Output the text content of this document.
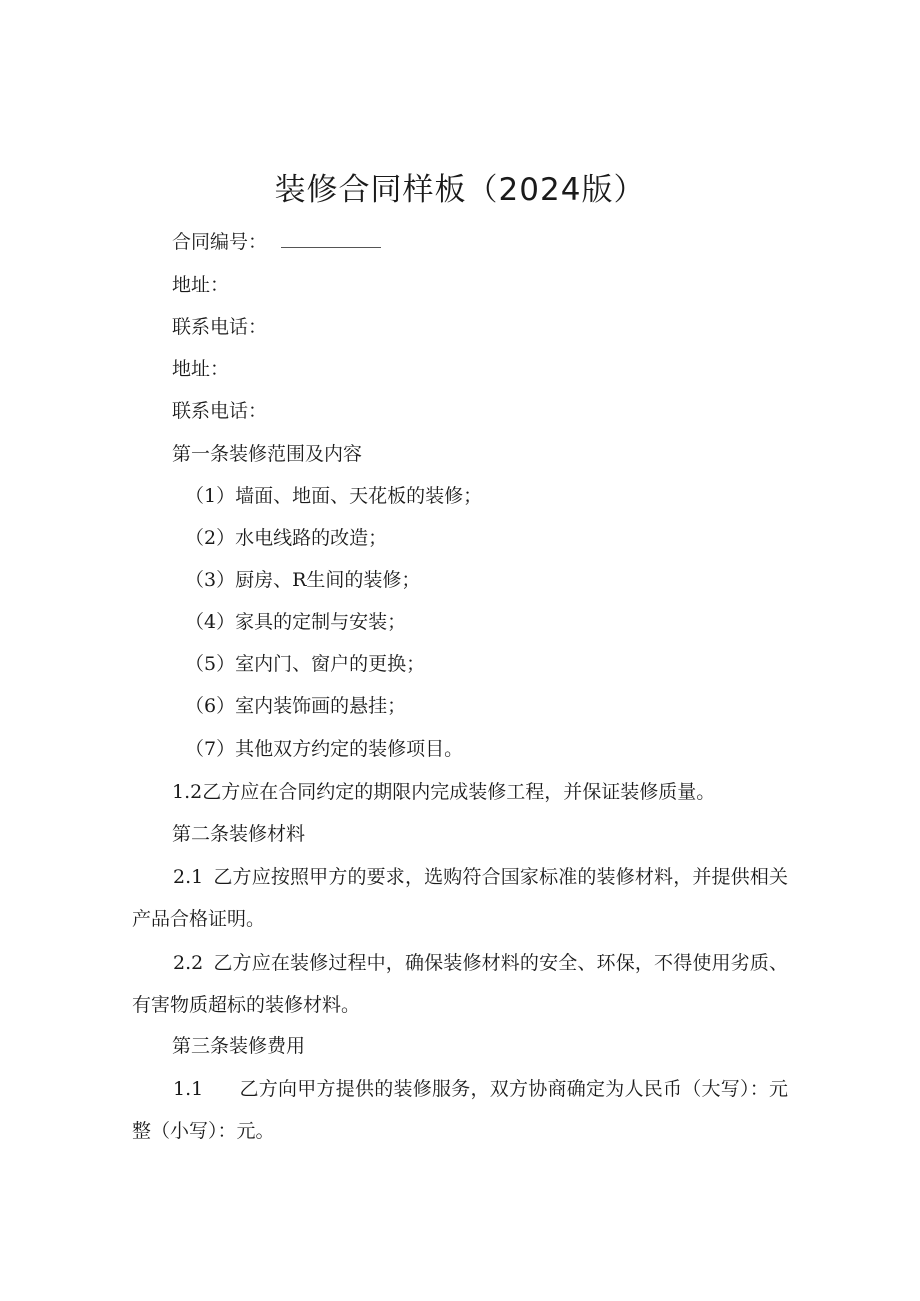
装修合同样板（2024版）
合同编号：
地址：
联系电话：
地址：
联系电话：
第一条装修范围及内容
（1）墙面、地面、天花板的装修；
（2）水电线路的改造；
（3）厨房、R生间的装修；
（4）家具的定制与安装；
（5）室内门、窗户的更换；
（6）室内装饰画的悬挂；
（7）其他双方约定的装修项目。
1.2乙方应在合同约定的期限内完成装修工程，并保证装修质量。
第二条装修材料
2.1 乙方应按照甲方的要求，选购符合国家标准的装修材料，并提供相关产品合格证明。
2.2 乙方应在装修过程中，确保装修材料的安全、环保，不得使用劣质、有害物质超标的装修材料。
第三条装修费用
1.1 乙方向甲方提供的装修服务，双方协商确定为人民币（大写）：元整（小写）：元。
